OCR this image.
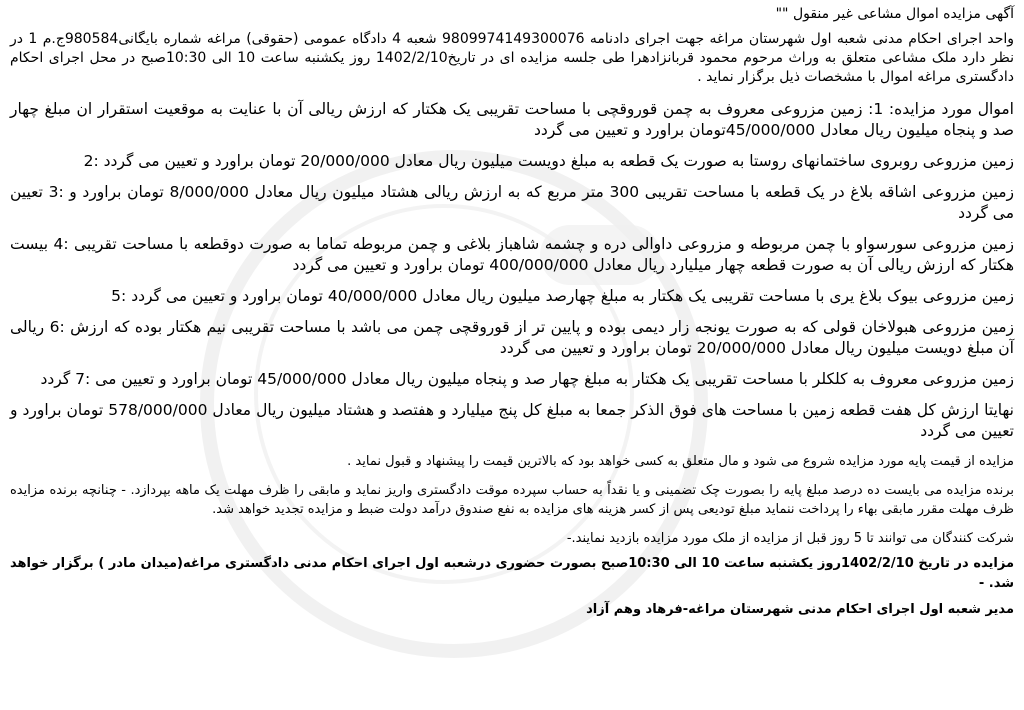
آگهی مزایده اموال مشاعی غیر منقول ""

واحد اجرای احکام مدنی شعبه اول شهرستان مراغه جهت اجرای دادنامه 9809974149300076 شعبه 4 دادگاه عمومی (حقوقی) مراغه شماره بایگانی980584ج.م 1 در نظر دارد ملک مشاعی متعلق به وراث مرحوم محمود قربانزادهرا طی جلسه مزایده ای در تاریخ1402/2/10 روز یکشنبه ساعت 10 الی 10:30صبح در محل اجرای احکام دادگستری مراغه اموال با مشخصات ذیل برگزار نماید .

اموال مورد مزایده: 1: زمین مزروعی معروف به چمن قوروقچی با مساحت تقریبی یک هکتار که ارزش ریالی آن با عنایت به موقعیت استقرار ان مبلغ چهار صد و پنجاه میلیون ریال معادل 45/000/000تومان براورد و تعیین می گردد

زمین مزروعی روبروی ساختمانهای روستا به صورت یک قطعه به مبلغ دویست میلیون ریال معادل 20/000/000 تومان براورد و تعیین می گردد :2

زمین مزروعی اشاقه بلاغ در یک قطعه با مساحت تقریبی 300 متر مربع که به ارزش ریالی هشتاد میلیون ریال معادل 8/000/000 تومان براورد و :3 تعیین می گردد

زمین مزروعی سورسواو با چمن مربوطه و مزروعی داوالی دره و چشمه شاهباز بلاغی و چمن مربوطه تماما به صورت دوقطعه با مساحت تقریبی :4 بیست هکتار که ارزش ریالی آن به صورت قطعه چهار میلیارد ریال معادل 400/000/000 تومان براورد و تعیین می گردد

زمین مزروعی بیوک بلاغ یری با مساحت تقریبی یک هکتار به مبلغ چهارصد میلیون ریال معادل 40/000/000 تومان براورد و تعیین می گردد :5

زمین مزروعی هبولاخان قولی که به صورت یونجه زار دیمی بوده و پایین تر از قوروقچی چمن می باشد با مساحت تقریبی نیم هکتار بوده که ارزش :6 ریالی آن مبلغ دویست میلیون ریال معادل 20/000/000 تومان براورد و تعیین می گردد

زمین مزروعی معروف به کلکلر با مساحت تقریبی یک هکتار به مبلغ چهار صد و پنجاه میلیون ریال معادل 45/000/000 تومان براورد و تعیین می :7 گردد

نهایتا ارزش کل هفت قطعه زمین با مساحت های فوق الذکر جمعا به مبلغ کل پنج میلیارد و هفتصد و هشتاد میلیون ریال معادل 578/000/000 تومان براورد و تعیین می گردد

مزایده از قیمت پایه مورد مزایده شروع می شود و مال متعلق به کسی خواهد بود که بالاترین قیمت را پیشنهاد و قبول نماید .

برنده مزایده می بایست ده درصد مبلغ پایه را بصورت چک تضمینی و یا نقداً به حساب سپرده موقت دادگستری واریز نماید و مابقی را ظرف مهلت یک ماهه بپردازد. - چنانچه برنده مزایده ظرف مهلت مقرر مابقی بهاء را پرداخت ننماید مبلغ تودیعی پس از کسر هزینه های مزایده به نفع صندوق درآمد دولت ضبط و مزایده تجدید خواهد شد.

شرکت کنندگان می توانند تا 5 روز قبل از مزایده از ملک مورد مزایده بازدید نمایند.-

مزایده در تاریخ 1402/2/10روز یکشنبه ساعت 10 الی 10:30صبح بصورت حضوری درشعبه اول اجرای احکام مدنی دادگستری مراغه(میدان مادر ) برگزار خواهد شد. -

مدیر شعبه اول اجرای احکام مدنی شهرستان مراغه-فرهاد وهم آزاد
